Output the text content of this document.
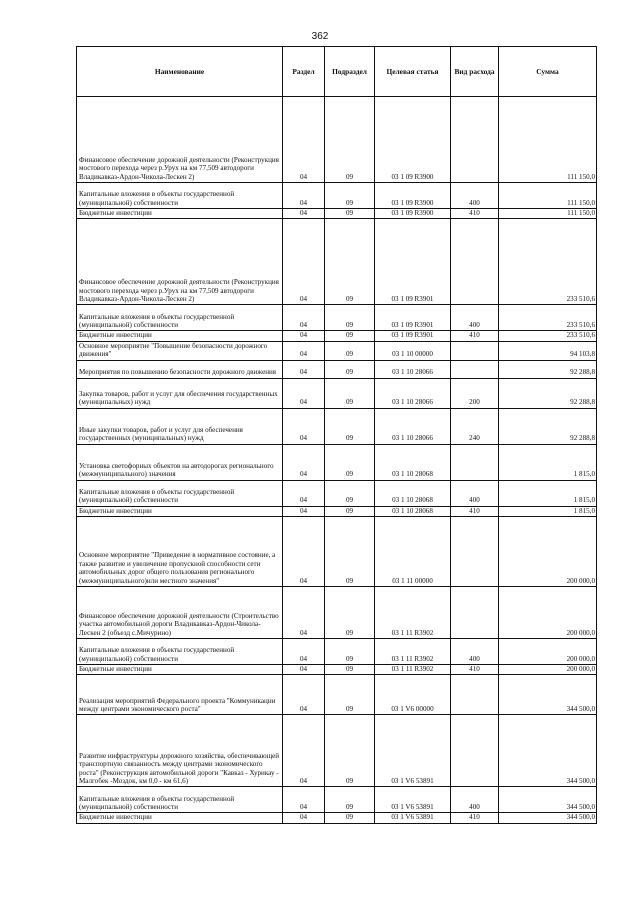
362
Наименование	Раздел	Подраздел	Целевая статья	Вид расхода	Сумма
Финансовое обеспечение дорожной деятельности (Реконструкция мостового перехода через р.Урух на км 77,509 автодороги Владикавказ-Ардон-Чикола-Лескен 2)	04	09	03 1 09 R3900		111 150,0
Капитальные вложения в объекты государственной (муниципальной) собственности	04	09	03 1 09 R3900	400	111 150,0
Бюджетные инвестиции	04	09	03 1 09 R3900	410	111 150,0
Финансовое обеспечение дорожной деятельности (Реконструкция мостового перехода через р.Урух на км 77,509 автодороги Владикавказ-Ардон-Чикола-Лескен 2)	04	09	03 1 09 R3901		233 510,6
Капитальные вложения в объекты государственной (муниципальной) собственности	04	09	03 1 09 R3901	400	233 510,6
Бюджетные инвестиции	04	09	03 1 09 R3901	410	233 510,6
Основное мероприятие "Повышение безопасности дорожного движения"	04	09	03 1 10 00000		94 103,8
Мероприятия по повышению безопасности дорожного движения	04	09	03 1 10 28066		92 288,8
Закупка товаров, работ и услуг для обеспечения государственных (муниципальных) нужд	04	09	03 1 10 28066	200	92 288,8
Иные закупки товаров, работ и услуг для обеспечения государственных (муниципальных) нужд	04	09	03 1 10 28066	240	92 288,8
Установка светофорных объектов на автодорогах регионального (межмуниципального) значения	04	09	03 1 10 28068		1 815,0
Капитальные вложения в объекты государственной (муниципальной) собственности	04	09	03 1 10 28068	400	1 815,0
Бюджетные инвестиции	04	09	03 1 10 28068	410	1 815,0
Основное мероприятие "Приведение в нормативное состояние, а также развитие и увеличение пропускной способности сети автомобильных дорог общего пользования регионального (межмуниципального)или местного значения"	04	09	03 1 11 00000		200 000,0
Финансовое обеспечение дорожной деятельности (Строительство участка автомобильной дороги Владикавказ-Ардон-Чикола-Лескен 2 (объезд с.Мичурино)	04	09	03 1 11 R3902		200 000,0
Капитальные вложения в объекты государственной (муниципальной) собственности	04	09	03 1 11 R3902	400	200 000,0
Бюджетные инвестиции	04	09	03 1 11 R3902	410	200 000,0
Реализация мероприятий Федерального проекта "Коммуникации между центрами экономического роста"	04	09	03 1 V6 00000		344 500,0
Развитие инфраструктуры дорожного хозяйства, обеспечивающей транспортную связанность между центрами экономического роста" (Реконструкция автомобильной дороги "Кавказ - Хурикау - Малгобек -Моздок, км 0,0 - км 61,6)	04	09	03 1 V6 53891		344 500,0
Капитальные вложения в объекты государственной (муниципальной) собственности	04	09	03 1 V6 53891	400	344 500,0
Бюджетные инвестиции	04	09	03 1 V6 53891	410	344 500,0
